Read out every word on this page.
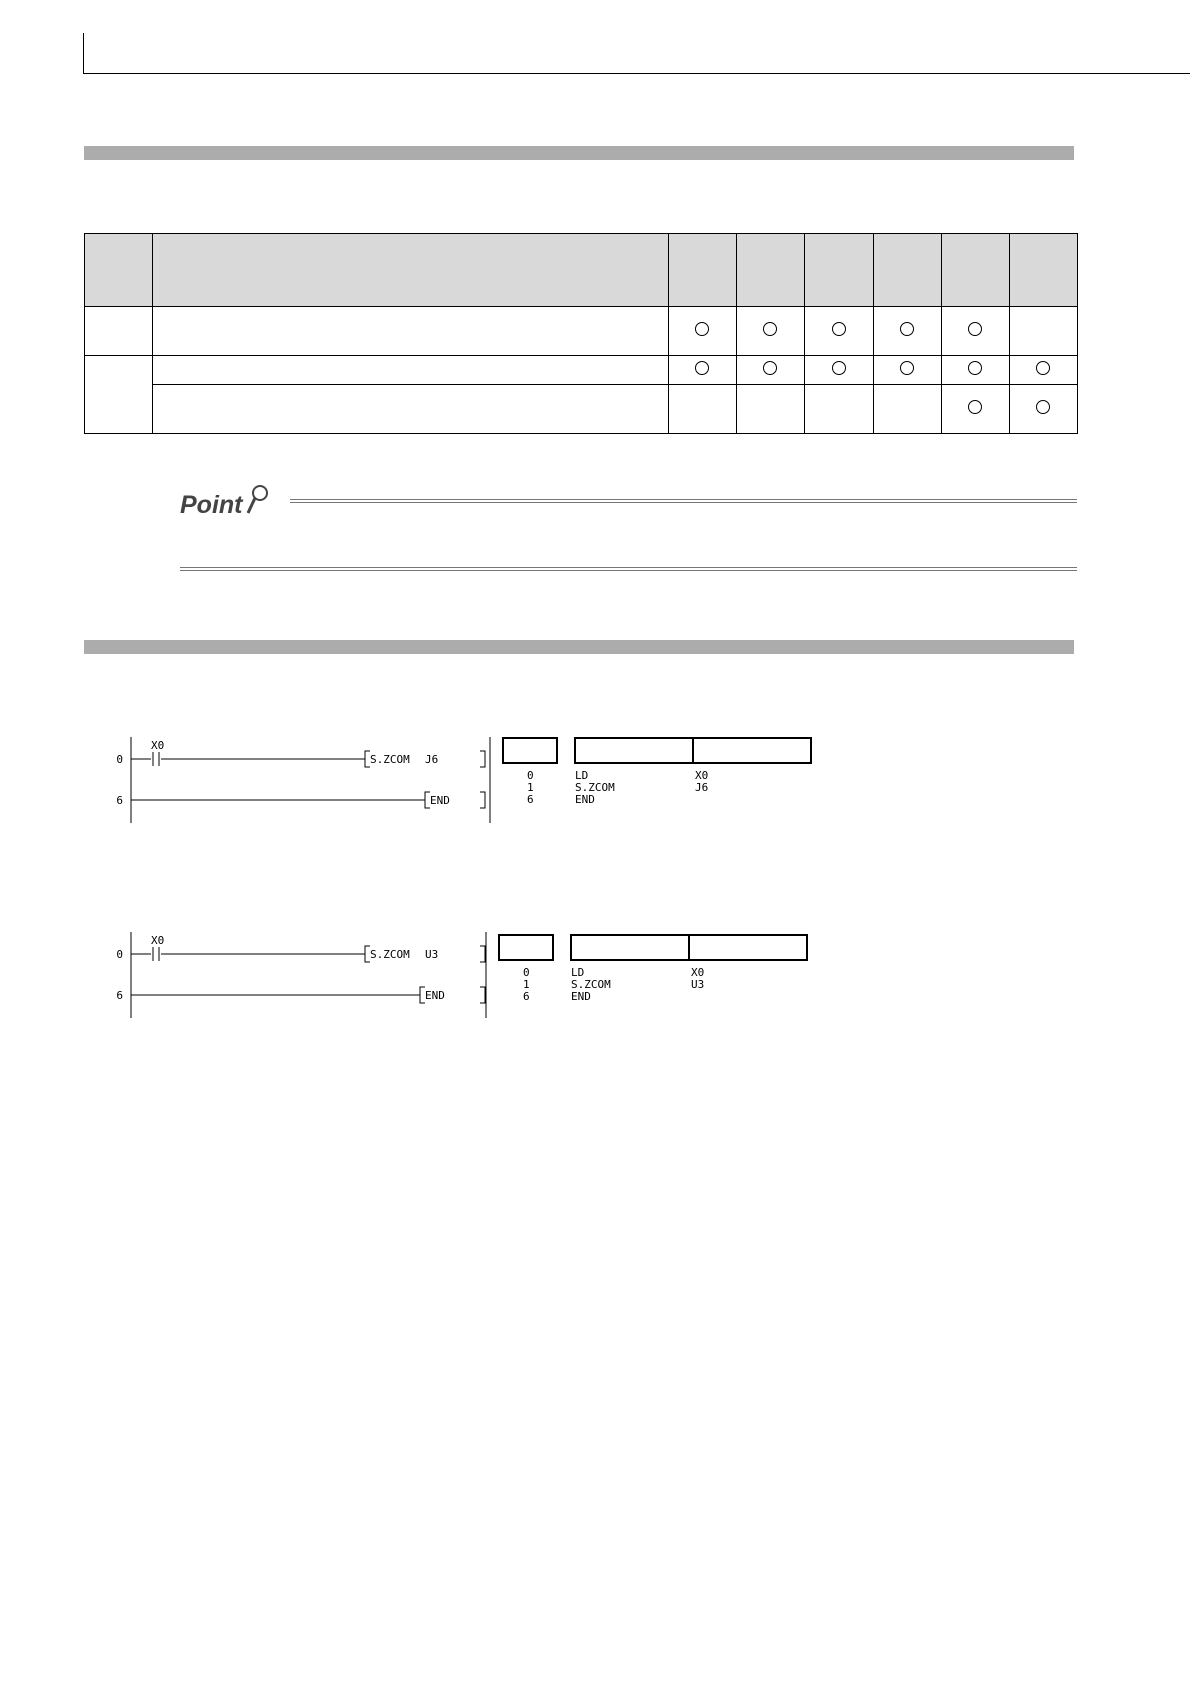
Point
0
X0
S.ZCOM J6
6	END
0	LD	X0
1	S.ZCOM	J6
6	END
0
X0
S.ZCOM U3
6	END
0	LD	X0
1	S.ZCOM	U3
6	END
